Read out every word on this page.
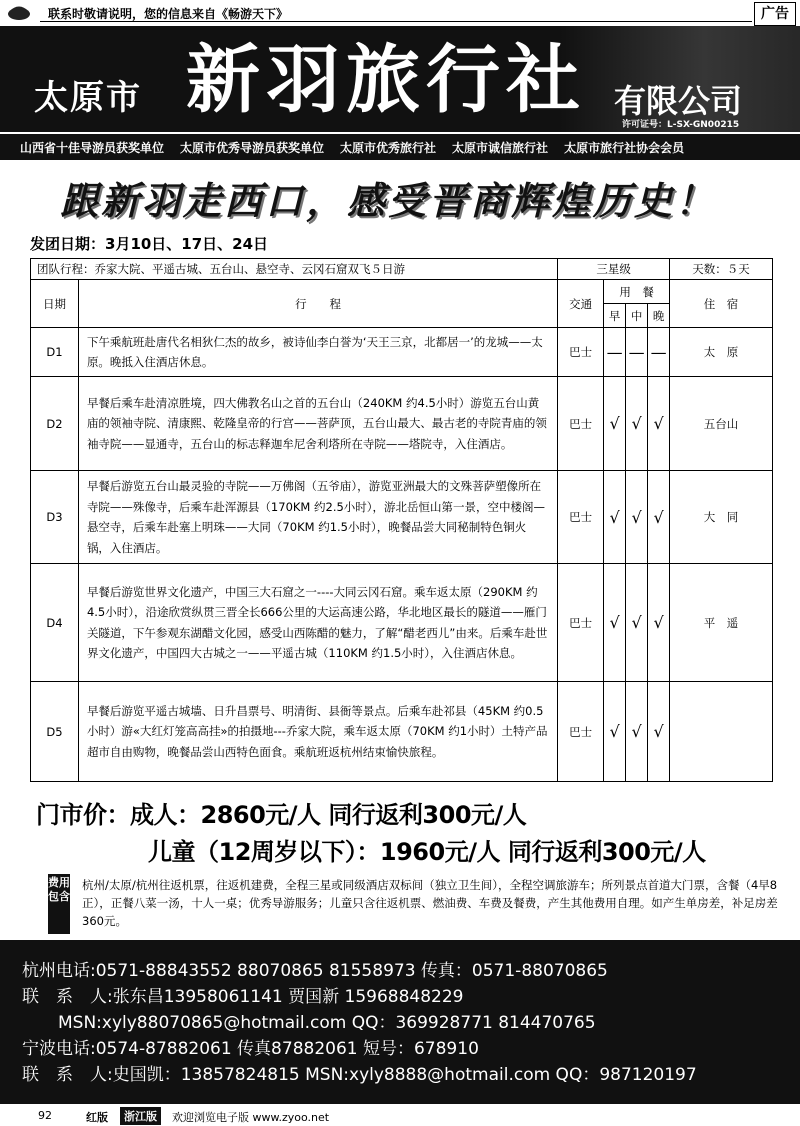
联系时敬请说明，您的信息来自《畅游天下》	广告
太原市 新羽旅行社 有限公司
许可证号：L-SX-GN00215
山西省十佳导游员获奖单位 太原市优秀导游员获奖单位 太原市优秀旅行社 太原市诚信旅行社 太原市旅行社协会会员
跟新羽走西口，感受晋商辉煌历史！
发团日期：3月10日、17日、24日
团队行程：乔家大院、平遥古城、五台山、悬空寺、云冈石窟双飞５日游		三星级				天数：５天
日期	行　　程	交通	用　餐			住　宿
			早	中	晚	
D1	下午乘航班赴唐代名相狄仁杰的故乡，被诗仙李白誉为‘天王三京，北都居一’的龙城——太原。晚抵入住酒店休息。	巴士	—	—	—	太　原
D2	早餐后乘车赴清凉胜境，四大佛教名山之首的五台山（240KM 约4.5小时）游览五台山黄庙的领袖寺院、清康熙、乾隆皇帝的行宫——菩萨顶，五台山最大、最古老的寺院青庙的领袖寺院——显通寺，五台山的标志释迦牟尼舍利塔所在寺院——塔院寺，入住酒店。	巴士	√	√	√	五台山
D3	早餐后游览五台山最灵验的寺院——万佛阁（五爷庙），游览亚洲最大的文殊菩萨塑像所在寺院——殊像寺，后乘车赴浑源县（170KM 约2.5小时），游北岳恒山第一景，空中楼阁—悬空寺，后乘车赴塞上明珠——大同（70KM 约1.5小时），晚餐品尝大同秘制特色铜火锅，入住酒店。	巴士	√	√	√	大　同
D4	早餐后游览世界文化遗产，中国三大石窟之一----大同云冈石窟。乘车返太原（290KM 约4.5小时），沿途欣赏纵贯三晋全长666公里的大运高速公路，华北地区最长的隧道——雁门关隧道，下午参观东湖醋文化园，感受山西陈醋的魅力，了解“醋老西儿”由来。后乘车赴世界文化遗产，中国四大古城之一——平遥古城（110KM 约1.5小时），入住酒店休息。	巴士	√	√	√	平　遥
D5	早餐后游览平遥古城墙、日升昌票号、明清街、县衙等景点。后乘车赴祁县（45KM 约0.5小时）游«大红灯笼高高挂»的拍摄地---乔家大院，乘车返太原（70KM 约1小时）土特产品超市自由购物，晚餐品尝山西特色面食。乘航班返杭州结束愉快旅程。	巴士	√	√	√	
门市价：成人：2860元/人 同行返利300元/人
儿童（12周岁以下）：1960元/人 同行返利300元/人
费用包含
杭州/太原/杭州往返机票，往返机建费，全程三星或同级酒店双标间（独立卫生间），全程空调旅游车；所列景点首道大门票，含餐（4早8正），正餐八菜一汤，十人一桌；优秀导游服务；儿童只含往返机票、燃油费、车费及餐费，产生其他费用自理。如产生单房差，补足房差360元。
杭州电话:0571-88843552 88070865 81558973 传真：0571-88070865
联　系　人:张东昌13958061141 贾国新 15968848229
MSN:xyly88070865@hotmail.com QQ：369928771 814470765
宁波电话:0574-87882061 传真87882061 短号：678910
联　系　人:史国凯：13857824815 MSN:xyly8888@hotmail.com QQ：987120197
92	红版	浙江版	欢迎浏览电子版 www.zyoo.net
